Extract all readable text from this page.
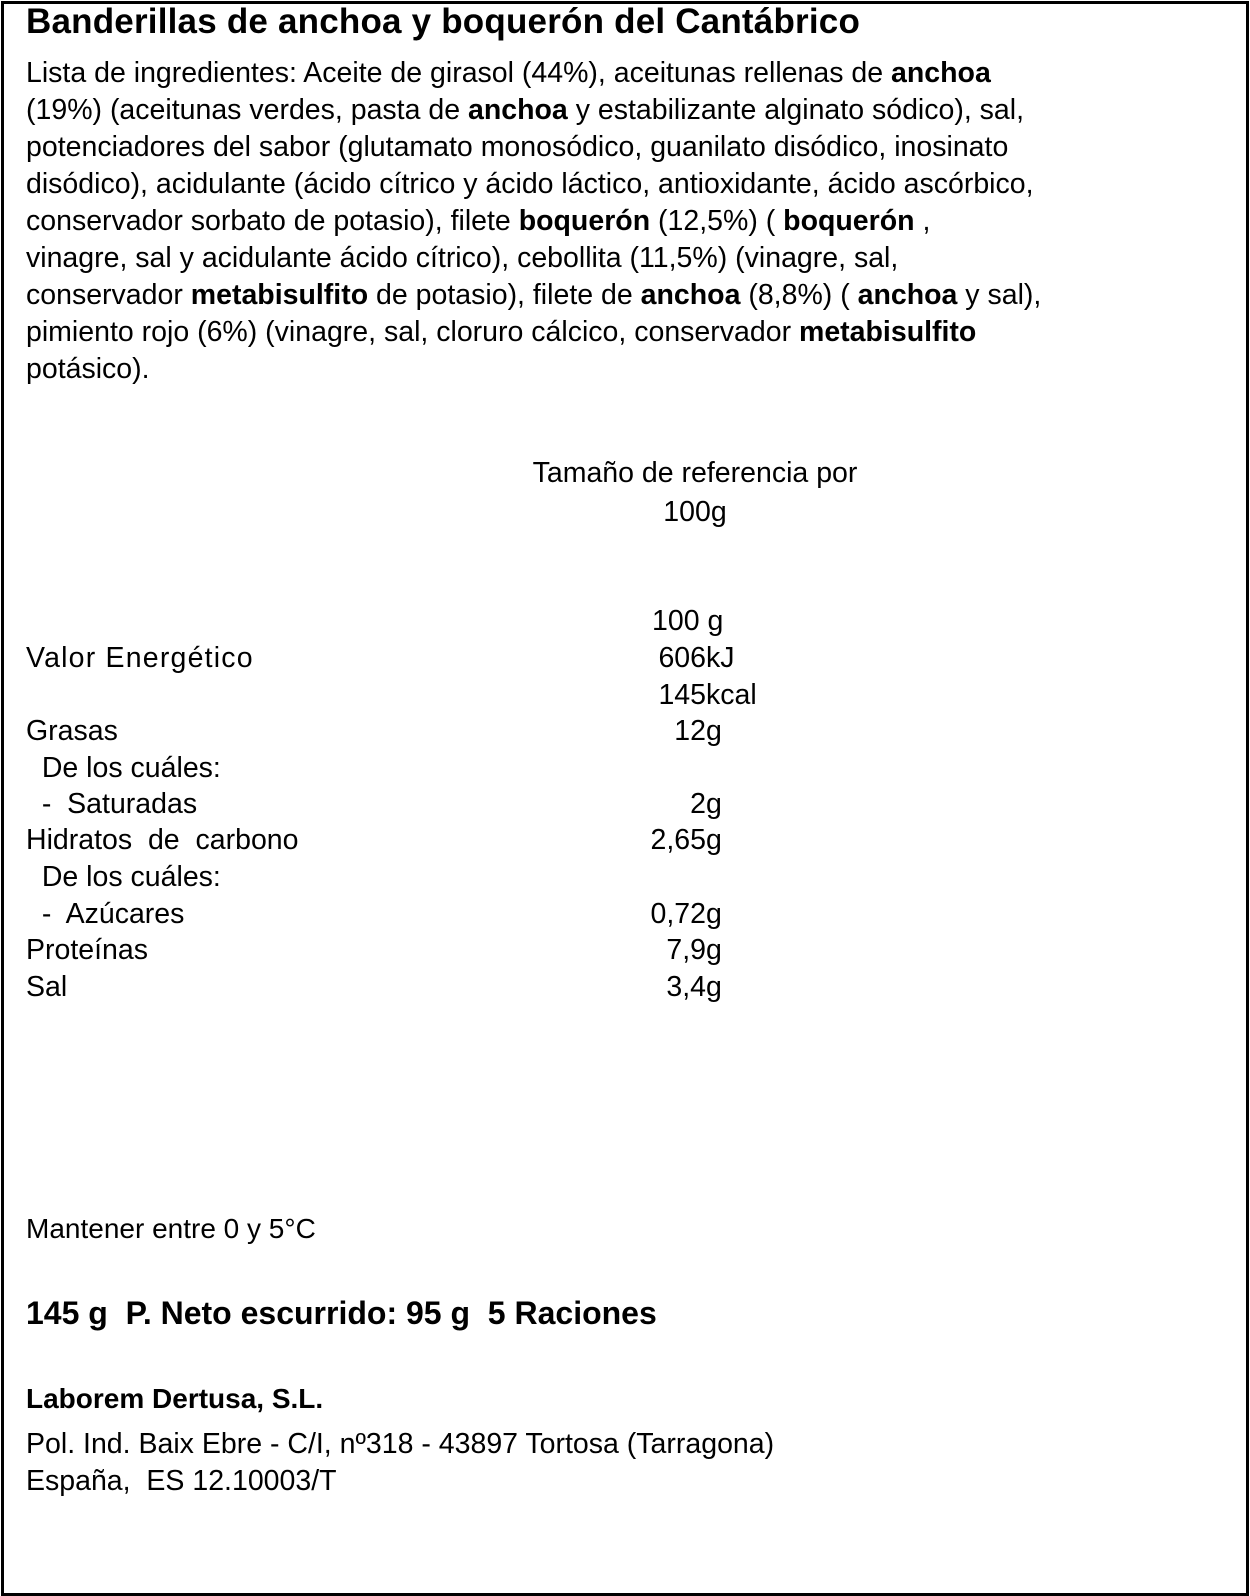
Banderillas de anchoa y boquerón del Cantábrico
Lista de ingredientes: Aceite de girasol (44%), aceitunas rellenas de anchoa
(19%) (aceitunas verdes, pasta de anchoa y estabilizante alginato sódico), sal,
potenciadores del sabor (glutamato monosódico, guanilato disódico, inosinato
disódico), acidulante (ácido cítrico y ácido láctico, antioxidante, ácido ascórbico,
conservador sorbato de potasio), filete boquerón (12,5%) ( boquerón ,
vinagre, sal y acidulante ácido cítrico), cebollita (11,5%) (vinagre, sal,
conservador metabisulfito de potasio), filete de anchoa (8,8%) ( anchoa y sal),
pimiento rojo (6%) (vinagre, sal, cloruro cálcico, conservador metabisulfito
potásico).
Tamaño de referencia por
100g
100 g
Valor Energético	606 kJ
145 kcal
Grasas	12 g
De los cuáles:
-  Saturadas	2 g
Hidratos  de  carbono	2,65 g
De los cuáles:
-  Azúcares	0,72 g
Proteínas	7,9 g
Sal	3,4 g
Mantener entre 0 y 5°C
145 g  P. Neto escurrido: 95 g  5 Raciones
Laborem Dertusa, S.L.
Pol. Ind. Baix Ebre - C/I, nº318 - 43897 Tortosa (Tarragona)
España,  ES 12.10003/T
